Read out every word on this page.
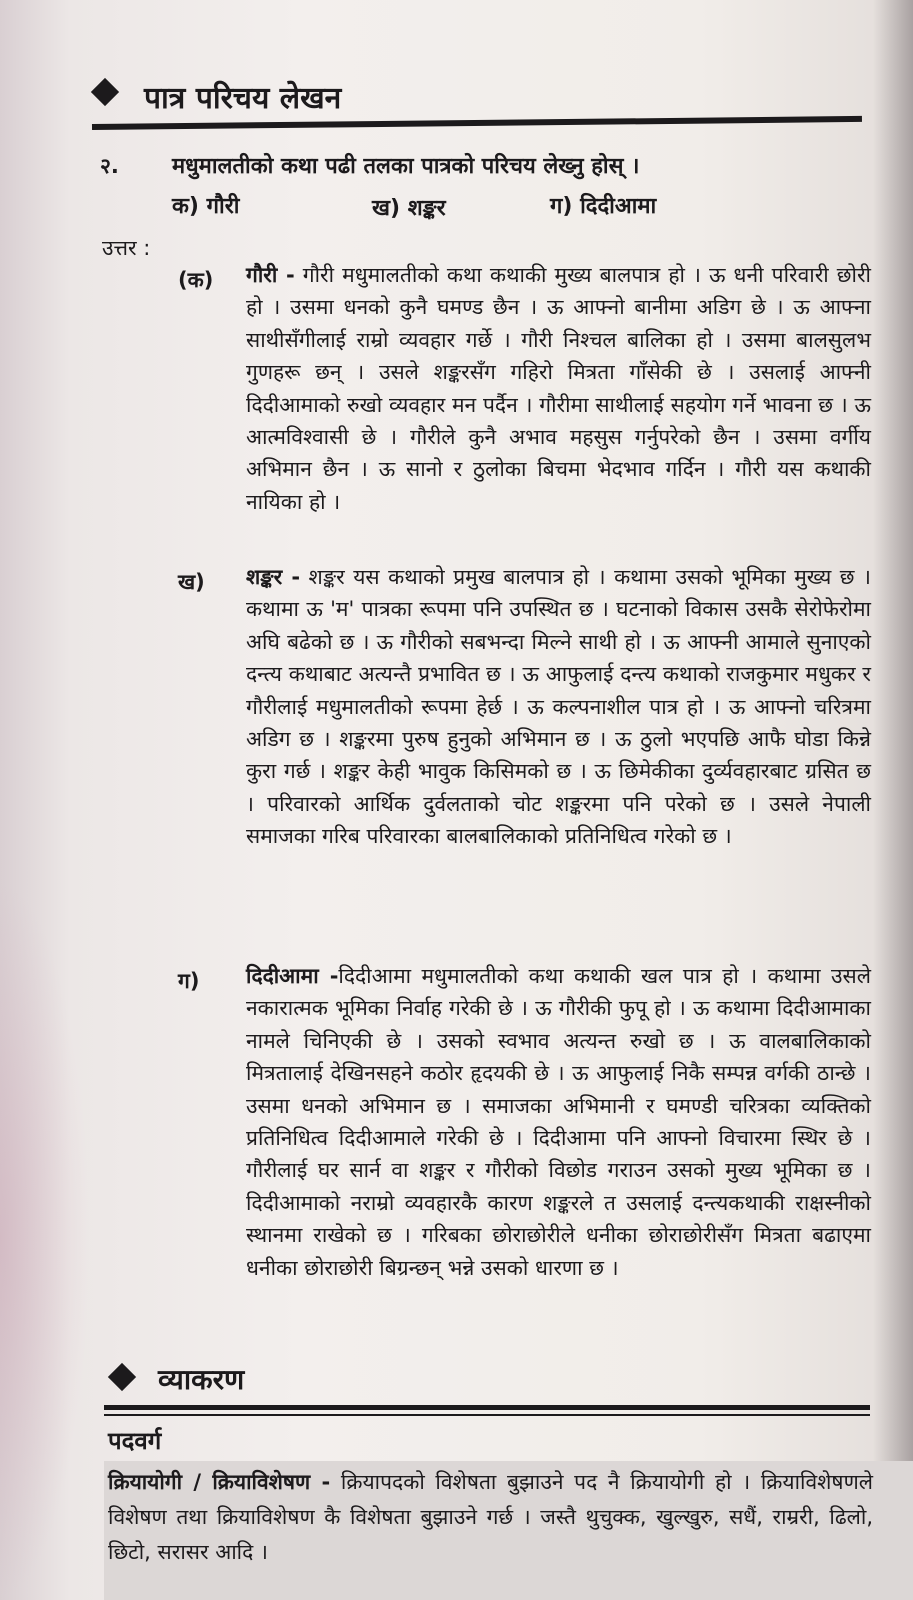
पात्र परिचय लेखन
२. मधुमालतीको कथा पढी तलका पात्रको परिचय लेख्नु होस् ।
क) गौरी	ख) शङ्कर	ग) दिदीआमा
उत्तर :
(क) गौरी - गौरी मधुमालतीको कथा कथाकी मुख्य बालपात्र हो । ऊ धनी परिवारी छोरी हो । उसमा धनको कुनै घमण्ड छैन । ऊ आफ्नो बानीमा अडिग छे । ऊ आफ्ना साथीसँगीलाई राम्रो व्यवहार गर्छे । गौरी निश्चल बालिका हो । उसमा बालसुलभ गुणहरू छन् । उसले शङ्करसँग गहिरो मित्रता गाँसेकी छे । उसलाई आफ्नी दिदीआमाको रुखो व्यवहार मन पर्दैन । गौरीमा साथीलाई सहयोग गर्ने भावना छ । ऊ आत्मविश्वासी छे । गौरीले कुनै अभाव महसुस गर्नुपरेको छैन । उसमा वर्गीय अभिमान छैन । ऊ सानो र ठुलोका बिचमा भेदभाव गर्दिन । गौरी यस कथाकी नायिका हो ।
ख) शङ्कर - शङ्कर यस कथाको प्रमुख बालपात्र हो । कथामा उसको भूमिका मुख्य छ । कथामा ऊ 'म' पात्रका रूपमा पनि उपस्थित छ । घटनाको विकास उसकै सेरोफेरोमा अघि बढेको छ । ऊ गौरीको सबभन्दा मिल्ने साथी हो । ऊ आफ्नी आमाले सुनाएको दन्त्य कथाबाट अत्यन्तै प्रभावित छ । ऊ आफुलाई दन्त्य कथाको राजकुमार मधुकर र गौरीलाई मधुमालतीको रूपमा हेर्छ । ऊ कल्पनाशील पात्र हो । ऊ आफ्नो चरित्रमा अडिग छ । शङ्करमा पुरुष हुनुको अभिमान छ । ऊ ठुलो भएपछि आफै घोडा किन्ने कुरा गर्छ । शङ्कर केही भावुक किसिमको छ । ऊ छिमेकीका दुर्व्यवहारबाट ग्रसित छ । परिवारको आर्थिक दुर्वलताको चोट शङ्करमा पनि परेको छ । उसले नेपाली समाजका गरिब परिवारका बालबालिकाको प्रतिनिधित्व गरेको छ ।
ग) दिदीआमा -दिदीआमा मधुमालतीको कथा कथाकी खल पात्र हो । कथामा उसले नकारात्मक भूमिका निर्वाह गरेकी छे । ऊ गौरीकी फुपू हो । ऊ कथामा दिदीआमाका नामले चिनिएकी छे । उसको स्वभाव अत्यन्त रुखो छ । ऊ वालबालिकाको मित्रतालाई देखिनसहने कठोर हृदयकी छे । ऊ आफुलाई निकै सम्पन्न वर्गकी ठान्छे । उसमा धनको अभिमान छ । समाजका अभिमानी र घमण्डी चरित्रका व्यक्तिको प्रतिनिधित्व दिदीआमाले गरेकी छे । दिदीआमा पनि आफ्नो विचारमा स्थिर छे । गौरीलाई घर सार्न वा शङ्कर र गौरीको विछोड गराउन उसको मुख्य भूमिका छ । दिदीआमाको नराम्रो व्यवहारकै कारण शङ्करले त उसलाई दन्त्यकथाकी राक्षस्नीको स्थानमा राखेको छ । गरिबका छोराछोरीले धनीका छोराछोरीसँग मित्रता बढाएमा धनीका छोराछोरी बिग्रन्छन् भन्ने उसको धारणा छ ।
व्याकरण
पदवर्ग
क्रियायोगी / क्रियाविशेषण - क्रियापदको विशेषता बुझाउने पद नै क्रियायोगी हो । क्रियाविशेषणले विशेषण तथा क्रियाविशेषण कै विशेषता बुझाउने गर्छ । जस्तै थुचुक्क, खुल्खुरु, सधैं, राम्ररी, ढिलो, छिटो, सरासर आदि ।
